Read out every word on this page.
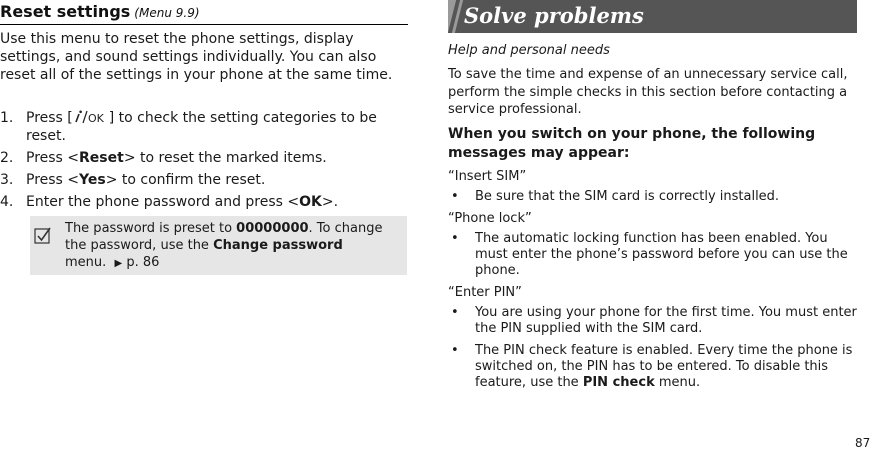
Reset settings (Menu 9.9)

Use this menu to reset the phone settings, display settings, and sound settings individually. You can also reset all of the settings in your phone at the same time.

1. Press [ OK ] to check the setting categories to be reset.
2. Press <Reset> to reset the marked items.
3. Press <Yes> to confirm the reset.
4. Enter the phone password and press <OK>.
The password is preset to 00000000. To change the password, use the Change password menu. ▶ p. 86
Solve problems
Help and personal needs
To save the time and expense of an unnecessary service call, perform the simple checks in this section before contacting a service professional.
When you switch on your phone, the following messages may appear:

“Insert SIM”

• Be sure that the SIM card is correctly installed.

“Phone lock”

• The automatic locking function has been enabled. You must enter the phone’s password before you can use the phone.

“Enter PIN”

• You are using your phone for the first time. You must enter the PIN supplied with the SIM card.
• The PIN check feature is enabled. Every time the phone is switched on, the PIN has to be entered. To disable this feature, use the PIN check menu.
87
